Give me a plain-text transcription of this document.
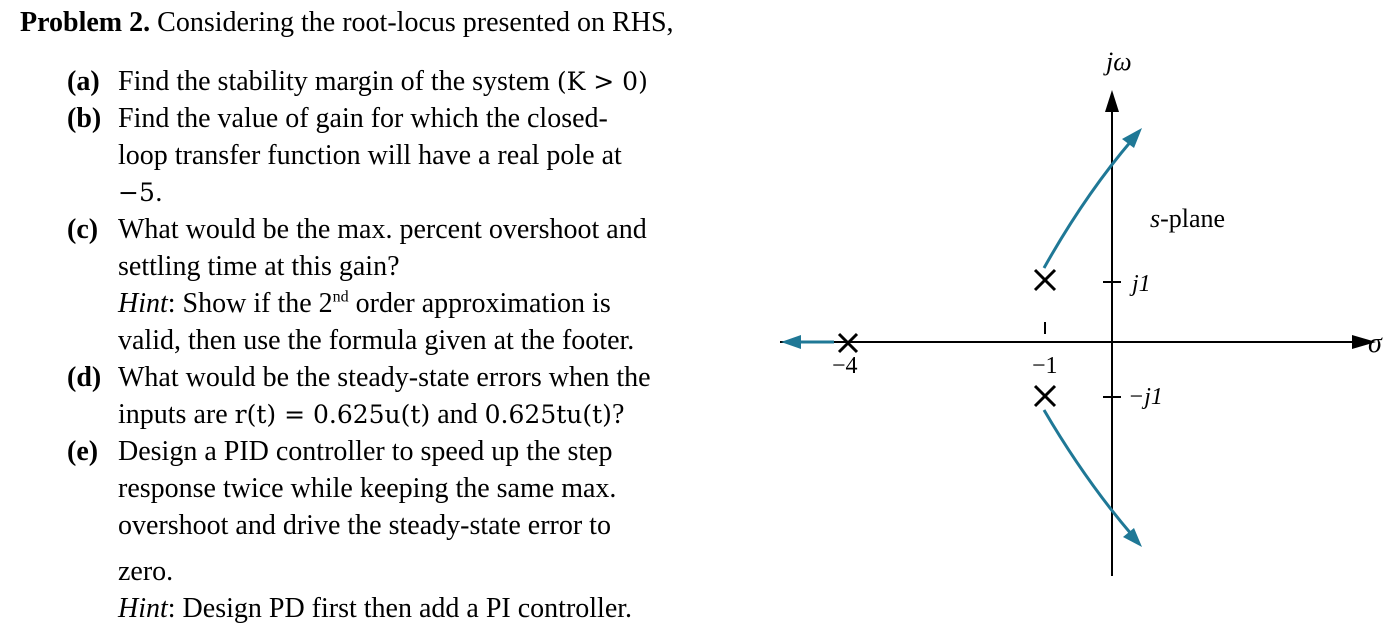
Problem 2. Considering the root-locus presented on RHS,
(a) Find the stability margin of the system (K > 0)
(b) Find the value of gain for which the closed-
loop transfer function will have a real pole at
−5.
(c) What would be the max. percent overshoot and
settling time at this gain?
Hint: Show if the 2nd order approximation is
valid, then use the formula given at the footer.
(d) What would be the steady-state errors when the
inputs are r(t) = 0.625u(t) and 0.625tu(t)?
(e) Design a PID controller to speed up the step
response twice while keeping the same max.
overshoot and drive the steady-state error to
zero.
Hint: Design PD first then add a PI controller.
jω
σ
s-plane
j1
−j1
−1
−4
